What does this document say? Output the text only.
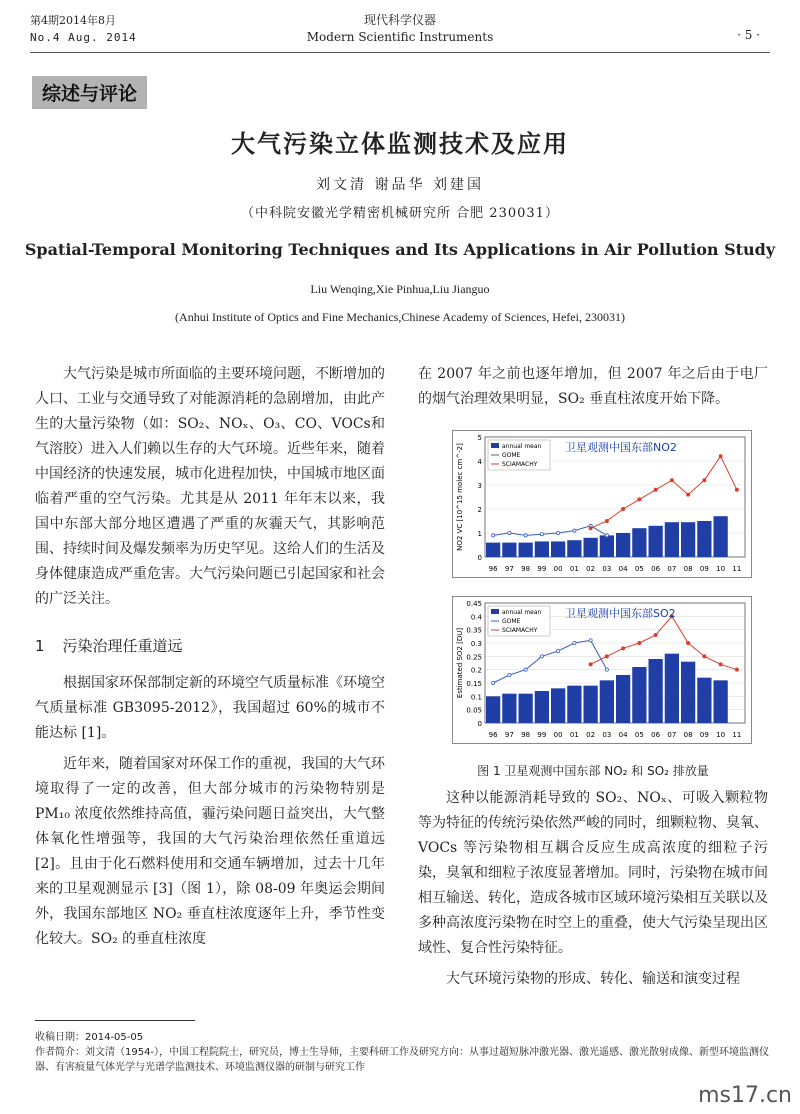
第4期2014年8月
No.4 Aug. 2014
现代科学仪器
Modern Scientific Instruments	· 5 ·
综述与评论
大气污染立体监测技术及应用
刘文清 谢品华 刘建国
（中科院安徽光学精密机械研究所 合肥 230031）
Spatial-Temporal Monitoring Techniques and Its Applications in Air Pollution Study
Liu Wenqing,Xie Pinhua,Liu Jianguo
(Anhui Institute of Optics and Fine Mechanics,Chinese Academy of Sciences, Hefei, 230031)

大气污染是城市所面临的主要环境问题，不断增加的人口、工业与交通导致了对能源消耗的急剧增加，由此产生的大量污染物（如：SO₂、NOₓ、O₃、CO、VOCs和气溶胶）进入人们赖以生存的大气环境。近些年来，随着中国经济的快速发展，城市化进程加快，中国城市地区面临着严重的空气污染。尤其是从 2011 年年末以来，我国中东部大部分地区遭遇了严重的灰霾天气，其影响范围、持续时间及爆发频率为历史罕见。这给人们的生活及身体健康造成严重危害。大气污染问题已引起国家和社会的广泛关注。

1 污染治理任重道远

根据国家环保部制定新的环境空气质量标准《环境空气质量标准 GB3095-2012》，我国超过 60%的城市不能达标 [1]。

近年来，随着国家对环保工作的重视，我国的大气环境取得了一定的改善，但大部分城市的污染物特别是 PM₁₀ 浓度依然维持高值，霾污染问题日益突出，大气整体氧化性增强等，我国的大气污染治理依然任重道远 [2]。且由于化石燃料使用和交通车辆增加，过去十几年来的卫星观测显示 [3]（图 1），除 08-09 年奥运会期间外，我国东部地区 NO₂ 垂直柱浓度逐年上升，季节性变化较大。SO₂ 的垂直柱浓度

在 2007 年之前也逐年增加，但 2007 年之后由于电厂的烟气治理效果明显，SO₂ 垂直柱浓度开始下降。

0
1
2
3
4
5
NO2 VC [10^15 molec cm^-2]
96 97 98 99 00 01 02 03 04 05 06 07 08 09 10 11
annual mean
GOME
SCIAMACHY
卫星观测中国东部NO2
0
0.05
0.1
0.15
0.2
0.25
0.3
0.35
0.4
0.45
Estimated SO2 [DU]
96 97 98 99 00 01 02 03 04 05 06 07 08 09 10 11
annual mean
GOME
SCIAMACHY
卫星观测中国东部SO2
图 1 卫星观测中国东部 NO₂ 和 SO₂ 排放量

这种以能源消耗导致的 SO₂、NOₓ、可吸入颗粒物等为特征的传统污染依然严峻的同时，细颗粒物、臭氧、VOCs 等污染物相互耦合反应生成高浓度的细粒子污染，臭氧和细粒子浓度显著增加。同时，污染物在城市间相互输送、转化，造成各城市区域环境污染相互关联以及多种高浓度污染物在时空上的重叠，使大气污染呈现出区域性、复合性污染特征。

大气环境污染物的形成、转化、输送和演变过程

收稿日期：2014-05-05
作者简介：刘文清（1954-），中国工程院院士，研究员，博士生导师，主要科研工作及研究方向：从事过超短脉冲激光器、激光遥感、激光散射成像、新型环境监测仪器、有害痕量气体光学与光谱学监测技术、环境监测仪器的研制与研究工作
ms17.cn
